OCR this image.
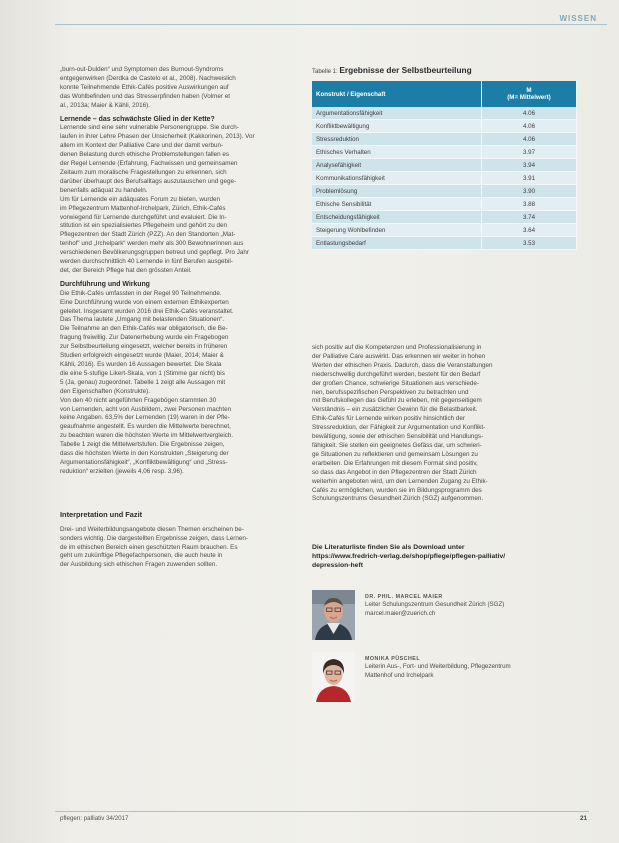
WISSEN
„burn-out-Dulden“ und Symptomen des Burnout-Syndroms
entgegenwirken (Derdka de Castelo et al., 2008). Nachweislich
konnte Teilnehmende Ethik-Cafés positive Auswirkungen auf
das Wohlbefinden und das Stresserpfinden haben (Volmer et
al., 2013a; Maier & Kähli, 2016).
Lernende – das schwächste Glied in der Kette?
Lernende sind eine sehr vulnerable Personengruppe. Sie durch-
laufen in ihrer Lehre Phasen der Unsicherheit (Kakkorinen, 2013). Vor
allem im Kontext der Palliative Care und der damit verbun-
denen Belastung durch ethische Problemstellungen fallen es
der Regel Lernende (Erfahrung, Fachwissen und gemeinsamen
Zeitaum zum moralische Fragestellungen zu erkennen, sich
darüber überhaupt des Berufsalltags auszutauschen und gege-
benenfalls adäquat zu handeln.
Um für Lernende ein adäquates Forum zu bieten, wurden
im Pflegezentrum Mattenhof-Irchelpark, Zürich, Ethik-Cafés
vorwiegend für Lernende durchgeführt und evaluiert. Die In-
stitution ist ein spezialisiertes Pflegeheim und gehört zu den
Pflegezentren der Stadt Zürich (PZZ). An den Standorten „Mat-
tenhof“ und „Irchelpark“ werden mehr als 300 Bewohnerinnen aus
verschiedenen Bevölkerungsgruppen betreut und gepflegt. Pro Jahr
werden durchschnittlich 40 Lernende in fünf Berufen ausgebil-
det, der Bereich Pflege hat den grössten Anteil.
Durchführung und Wirkung
Die Ethik-Cafés umfassten in der Regel 90 Teilnehmende.
Eine Durchführung wurde von einem externen Ethikexperten
geleitet. Insgesamt wurden 2016 drei Ethik-Cafés veranstaltet.
Das Thema lautete „Umgang mit belastenden Situationen“.
Die Teilnahme an den Ethik-Cafés war obligatorisch, die Be-
fragung freiwillig. Zur Datenerhebung wurde ein Fragebogen
zur Selbstbeurteilung eingesetzt, welcher bereits in früheren
Studien erfolgreich eingesetzt wurde (Maier, 2014; Maier &
Kähli, 2016). Es wurden 16 Aussagen bewertet. Die Skala
die eine 5-stufige Likert-Skala, von 1 (Stimme gar nicht) bis
5 (Ja, genau) zugeordnet. Tabelle 1 zeigt alle Aussagen mit
den Eigenschaften (Konstrukte).
Von den 40 nicht angeführten Fragebögen stammten 30
von Lernenden, acht von Ausbildern, zwei Personen machten
keine Angaben. 63,5% der Lernenden (19) waren in der Pfle-
geaufnahme angestellt. Es wurden die Mittelwerte berechnet,
zu beachten waren die höchsten Werte im Mittelwertvergleich.
Tabelle 1 zeigt die Mittelwertstufen. Die Ergebnisse zeigen,
dass die höchsten Werte in den Konstrukten „Steigerung der
Argumentationsfähigkeit“, „Konfliktbewältigung“ und „Stress-
reduktion“ erzielten (jeweils 4,06 resp. 3,96).
Interpretation und Fazit
Drei- und Weiterbildungsangebote diesen Themen erscheinen be-
sonders wichtig. Die dargestellten Ergebnisse zeigen, dass Lernen-
de im ethischen Bereich einen geschützten Raum brauchen. Es
geht um zukünftige Pflegefachpersonen, die auch heute in
der Ausbildung sich ethischen Fragen zuwenden sollten.
Tabelle 1: Ergebnisse der Selbstbeurteilung
Konstrukt / Eigenschaft	M
(M= Mittelwert)

Argumentationsfähigkeit	4.06
Konfliktbewältigung	4.06
Stressreduktion	4.06
Ethisches Verhalten	3.97
Analysefähigkeit	3.94
Kommunikationsfähigkeit	3.91
Problemlösung	3.90
Ethische Sensibilität	3.88
Entscheidungsfähigkeit	3.74
Steigerung Wohlbefinden	3.64
Entlastungsbedarf	3.53
sich positiv auf die Kompetenzen und Professionalisierung in
der Palliative Care auswirkt. Das erkennen wir weiter in hohen
Werten der ethischen Praxis. Dadurch, dass die Veranstaltungen
niederschwellig durchgeführt werden, besteht für den Bedarf
der großen Chance, schwierige Situationen aus verschiede-
nen, berufsspezifischen Perspektiven zu betrachten und
mit Berufskollegen das Gefühl zu erleben, mit gegenseitigem
Verständnis – ein zusätzlicher Gewinn für die Belastbarkeit.
Ethik-Cafés für Lernende wirken positiv hinsichtlich der
Stressreduktion, der Fähigkeit zur Argumentation und Konflikt-
bewältigung, sowie der ethischen Sensibilität und Handlungs-
fähigkeit. Sie stellen ein geeignetes Gefäss dar, um schwieri-
ge Situationen zu reflektieren und gemeinsam Lösungen zu
erarbeiten. Die Erfahrungen mit diesem Format sind positiv,
so dass das Angebot in den Pflegezentren der Stadt Zürich
weiterhin angeboten wird, um den Lernenden Zugang zu Ethik-
Cafés zu ermöglichen, wurden sie im Bildungsprogramm des
Schulungszentrums Gesundheit Zürich (SGZ) aufgenommen.
Die Literaturliste finden Sie als Download unter
https://www.fredrich-verlag.de/shop/pflege/pflegen-palliativ/
depression-heft
DR. PHIL. MARCEL MAIER
Leiter Schulungszentrum Gesundheit Zürich (SGZ)
marcel.maier@zuerich.ch
MONIKA PÜSCHEL
Leiterin Aus-, Fort- und Weiterbildung, Pflegezentrum
Mattenhof und Irchelpark
pflegen: palliativ 34/2017	21
